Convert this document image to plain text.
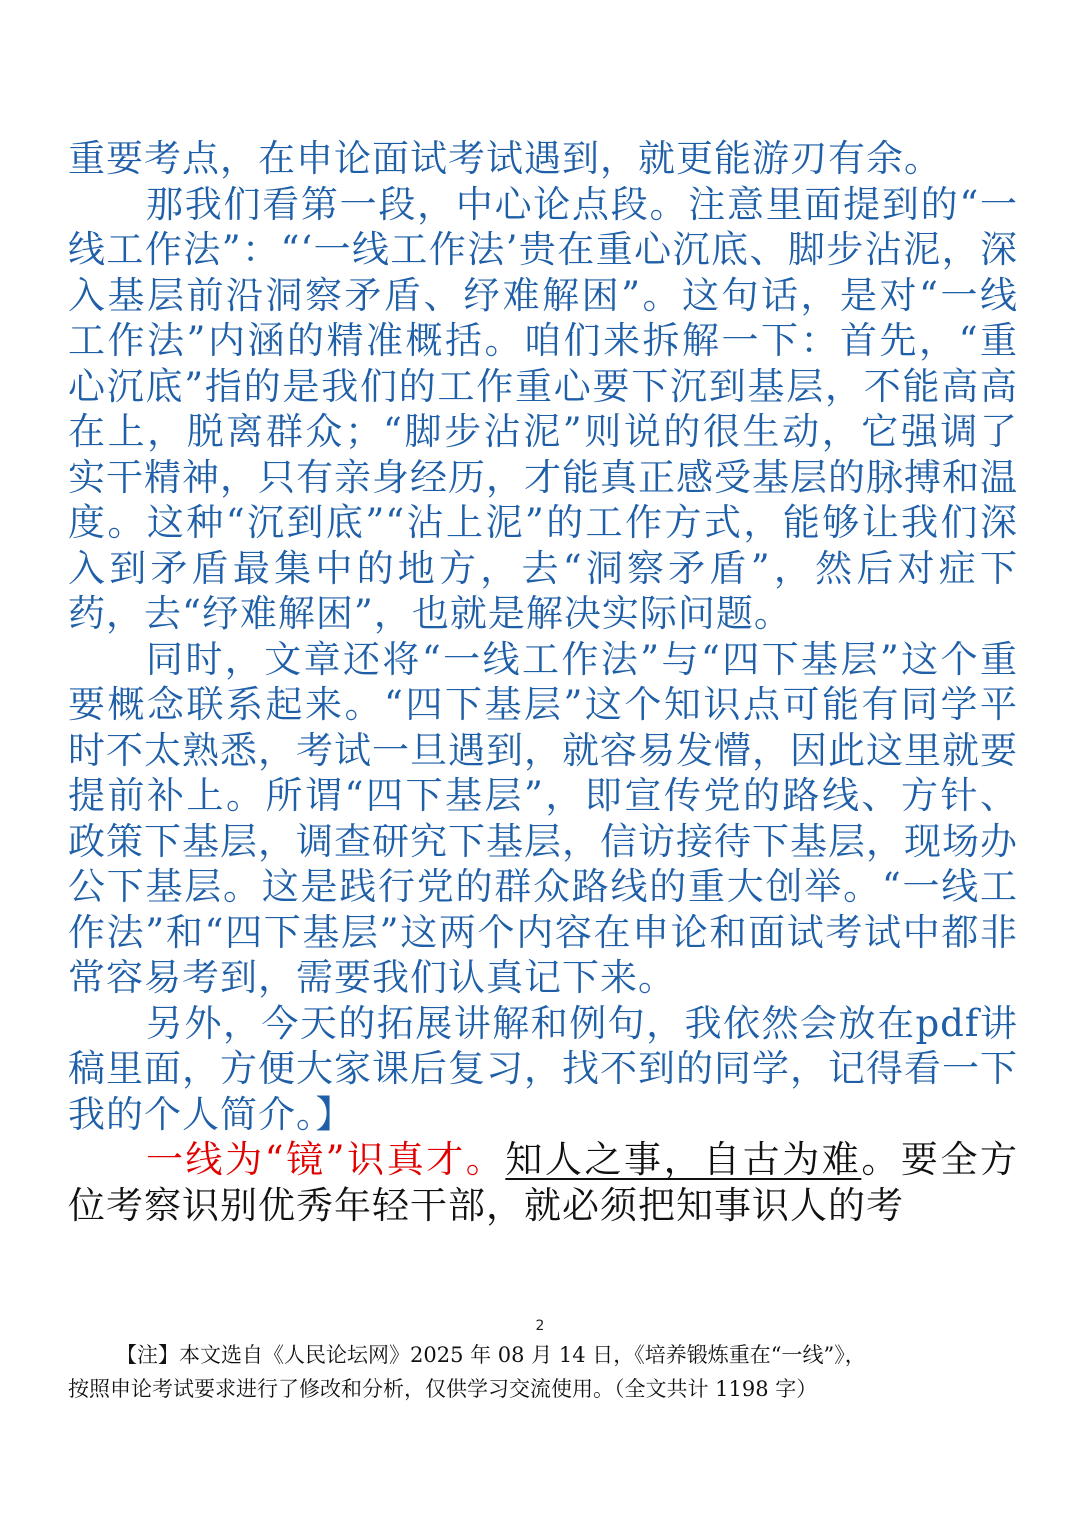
重要考点，在申论面试考试遇到，就更能游刃有余。

那我们看第一段，中心论点段。注意里面提到的“一线工作法”：“‘一线工作法’贵在重心沉底、脚步沾泥，深入基层前沿洞察矛盾、纾难解困”。这句话，是对“一线工作法”内涵的精准概括。咱们来拆解一下：首先，“重心沉底”指的是我们的工作重心要下沉到基层，不能高高在上，脱离群众；“脚步沾泥”则说的很生动，它强调了实干精神，只有亲身经历，才能真正感受基层的脉搏和温度。这种“沉到底”“沾上泥”的工作方式，能够让我们深入到矛盾最集中的地方，去“洞察矛盾”，然后对症下药，去“纾难解困”，也就是解决实际问题。

同时，文章还将“一线工作法”与“四下基层”这个重要概念联系起来。“四下基层”这个知识点可能有同学平时不太熟悉，考试一旦遇到，就容易发懵，因此这里就要提前补上。所谓“四下基层”，即宣传党的路线、方针、政策下基层，调查研究下基层，信访接待下基层，现场办公下基层。这是践行党的群众路线的重大创举。“一线工作法”和“四下基层”这两个内容在申论和面试考试中都非常容易考到，需要我们认真记下来。

另外，今天的拓展讲解和例句，我依然会放在pdf讲稿里面，方便大家课后复习，找不到的同学，记得看一下我的个人简介。】

一线为“镜”识真才。知人之事，自古为难。要全方位考察识别优秀年轻干部，就必须把知事识人的考

2

【注】本文选自《人民论坛网》2025 年 08 月 14 日，《培养锻炼重在“一线”》，

按照申论考试要求进行了修改和分析，仅供学习交流使用。（全文共计 1198 字）
